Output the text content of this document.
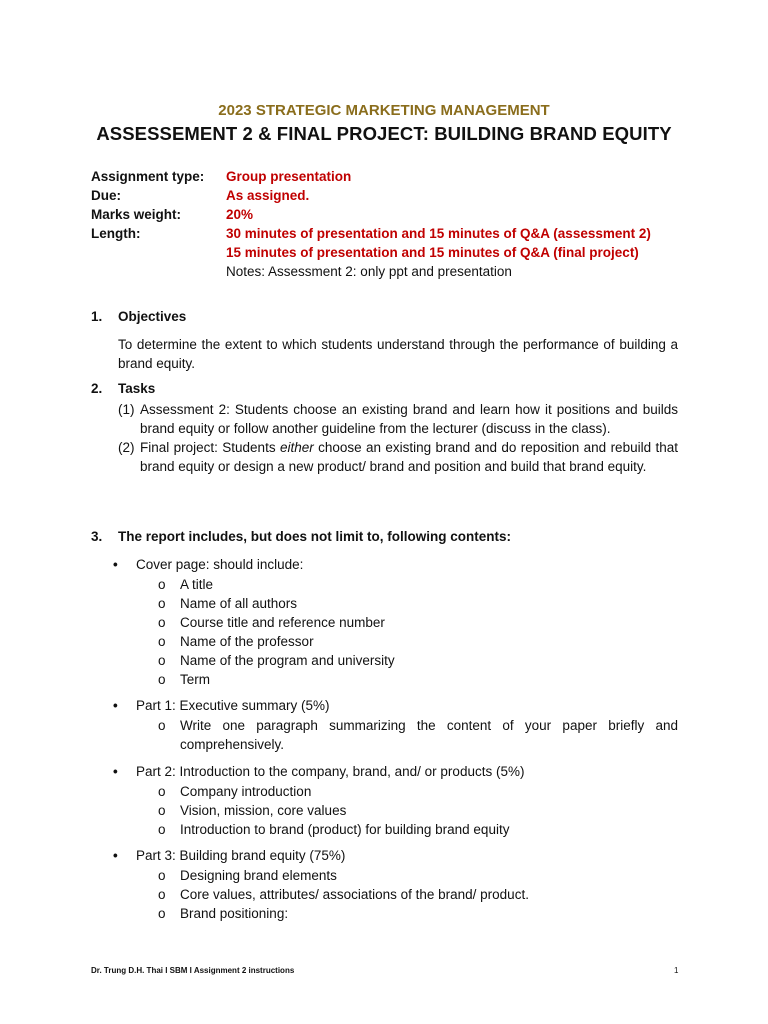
2023 STRATEGIC MARKETING MANAGEMENT
ASSESSEMENT 2 & FINAL PROJECT: BUILDING BRAND EQUITY
Assignment type:	Group presentation
Due:	As assigned.
Marks weight:	20%
Length:	30 minutes of presentation and 15 minutes of Q&A (assessment 2)
15 minutes of presentation and 15 minutes of Q&A (final project)
Notes: Assessment 2: only ppt and presentation
1. Objectives
To determine the extent to which students understand through the performance of building a brand equity.
2. Tasks
(1) Assessment 2: Students choose an existing brand and learn how it positions and builds brand equity or follow another guideline from the lecturer (discuss in the class).
(2) Final project: Students either choose an existing brand and do reposition and rebuild that brand equity or design a new product/ brand and position and build that brand equity.
3. The report includes, but does not limit to, following contents:
• Cover page: should include:
o A title
o Name of all authors
o Course title and reference number
o Name of the professor
o Name of the program and university
o Term
• Part 1: Executive summary (5%)
o Write one paragraph summarizing the content of your paper briefly and comprehensively.
• Part 2: Introduction to the company, brand, and/ or products (5%)
o Company introduction
o Vision, mission, core values
o Introduction to brand (product) for building brand equity
• Part 3: Building brand equity (75%)
o Designing brand elements
o Core values, attributes/ associations of the brand/ product.
o Brand positioning:
Dr. Trung D.H. Thai I SBM I Assignment 2 instructions	1
